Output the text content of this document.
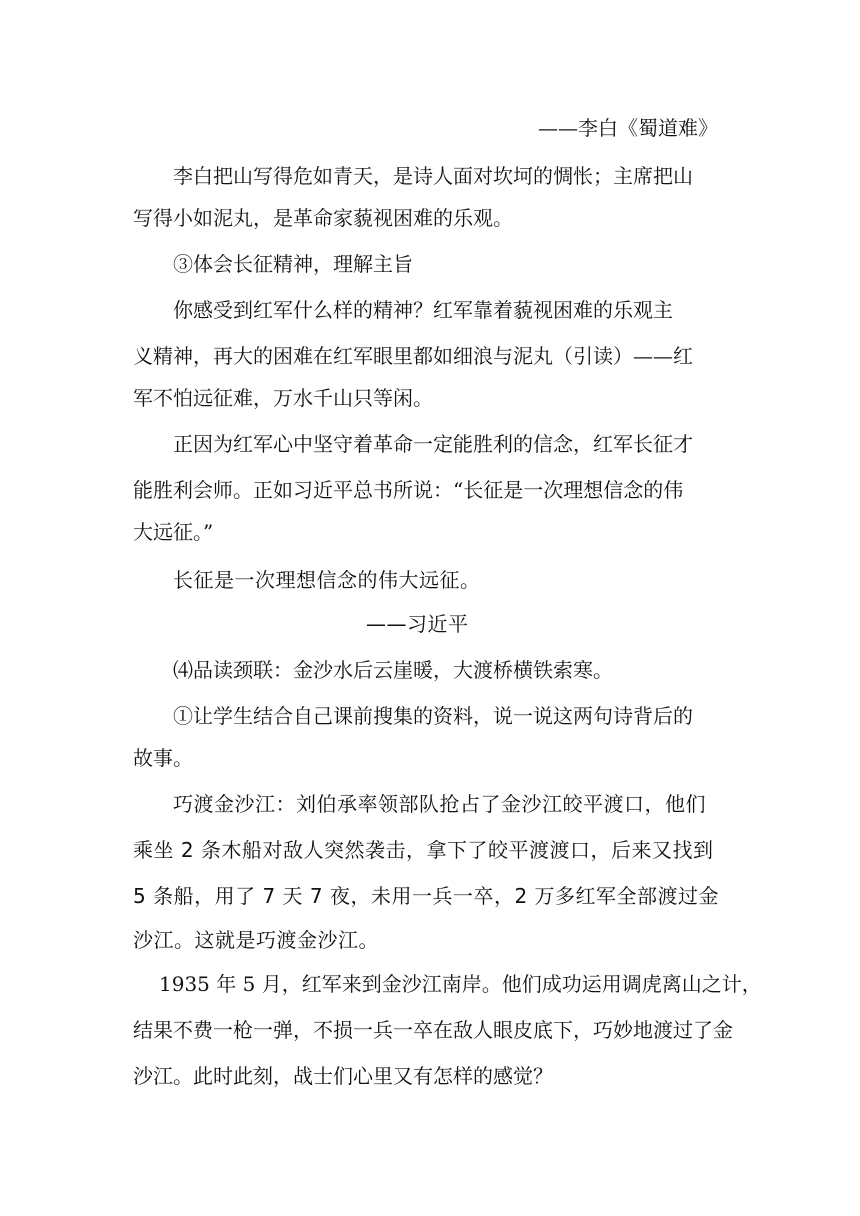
——李白《蜀道难》
李白把山写得危如青天，是诗人面对坎坷的惆怅；主席把山
写得小如泥丸，是革命家藐视困难的乐观。
③体会长征精神，理解主旨
你感受到红军什么样的精神？红军靠着藐视困难的乐观主
义精神，再大的困难在红军眼里都如细浪与泥丸（引读）——红
军不怕远征难，万水千山只等闲。
正因为红军心中坚守着革命一定能胜利的信念，红军长征才
能胜利会师。正如习近平总书所说：“长征是一次理想信念的伟
大远征。”
长征是一次理想信念的伟大远征。
——习近平
⑷品读颈联：金沙水后云崖暖，大渡桥横铁索寒。
①让学生结合自己课前搜集的资料，说一说这两句诗背后的
故事。
巧渡金沙江：刘伯承率领部队抢占了金沙江皎平渡口，他们
乘坐 2 条木船对敌人突然袭击，拿下了皎平渡渡口，后来又找到
5 条船，用了 7 天 7 夜，未用一兵一卒，2 万多红军全部渡过金
沙江。这就是巧渡金沙江。
1935 年 5 月，红军来到金沙江南岸。他们成功运用调虎离山之计，
结果不费一枪一弹，不损一兵一卒在敌人眼皮底下，巧妙地渡过了金
沙江。此时此刻，战士们心里又有怎样的感觉？
